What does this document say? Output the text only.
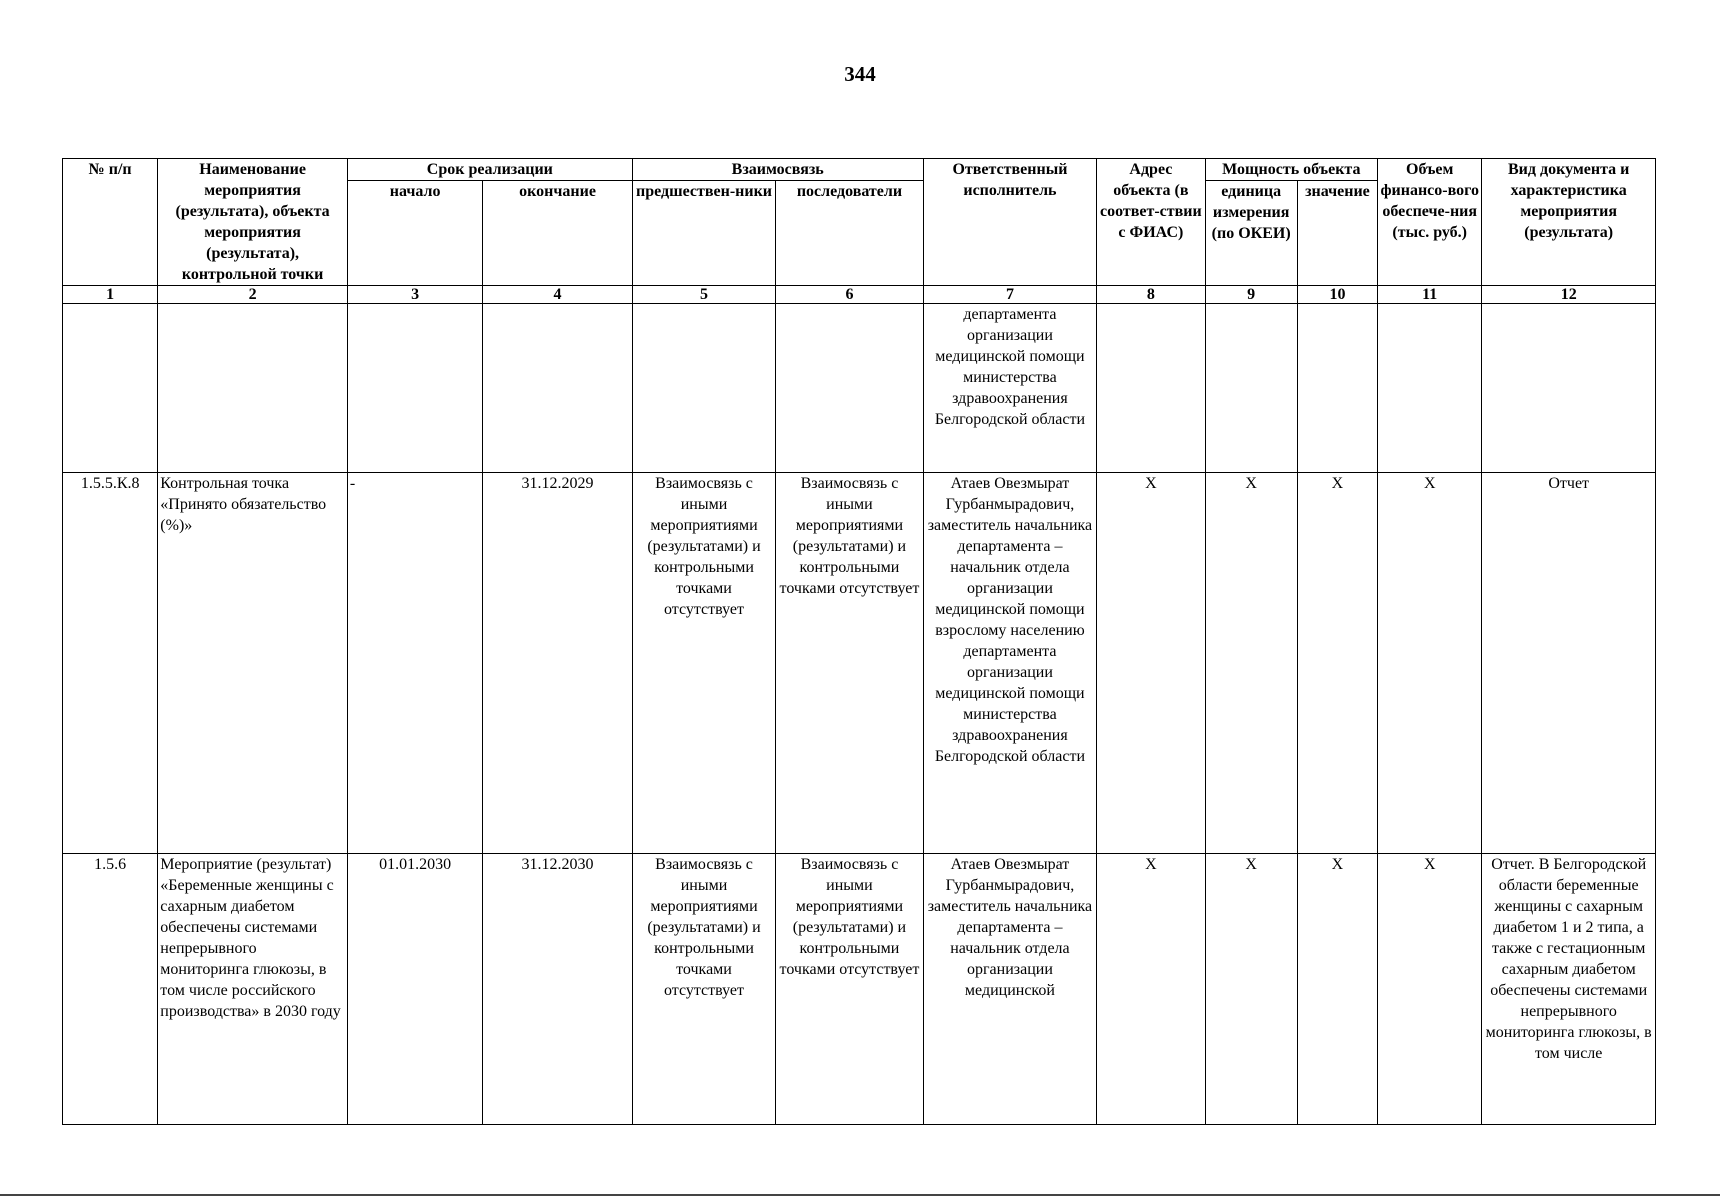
344
№ п/п	Наименование мероприятия (результата), объекта мероприятия (результата), контрольной точки	Срок реализации		Взаимосвязь		Ответственный исполнитель	Адрес объекта (в соответ-ствии с ФИАС)	Мощность объекта		Объем финансо-вого обеспече-ния (тыс. руб.)	Вид документа и характеристика мероприятия (результата)
		начало	окончание	предшествен-ники	последователи			единица измерения (по ОКЕИ)	значение		
1	2	3	4	5	6	7	8	9	10	11	12
						департамента организации медицинской помощи министерства здравоохранения Белгородской области					
1.5.5.К.8	Контрольная точка «Принято обязательство (%)»	-	31.12.2029	Взаимосвязь с иными мероприятиями (результатами) и контрольными точками отсутствует	Взаимосвязь с иными мероприятиями (результатами) и контрольными точками отсутствует	Атаев Овезмырат Гурбанмырадович, заместитель начальника департамента – начальник отдела организации медицинской помощи взрослому населению департамента организации медицинской помощи министерства здравоохранения Белгородской области	Х	Х	Х	Х	Отчет
1.5.6	Мероприятие (результат) «Беременные женщины с сахарным диабетом обеспечены системами непрерывного мониторинга глюкозы, в том числе российского производства» в 2030 году	01.01.2030	31.12.2030	Взаимосвязь с иными мероприятиями (результатами) и контрольными точками отсутствует	Взаимосвязь с иными мероприятиями (результатами) и контрольными точками отсутствует	Атаев Овезмырат Гурбанмырадович, заместитель начальника департамента – начальник отдела организации медицинской	Х	Х	Х	Х	Отчет. В Белгородской области беременные женщины с сахарным диабетом 1 и 2 типа, а также с гестационным сахарным диабетом обеспечены системами непрерывного мониторинга глюкозы, в том числе
